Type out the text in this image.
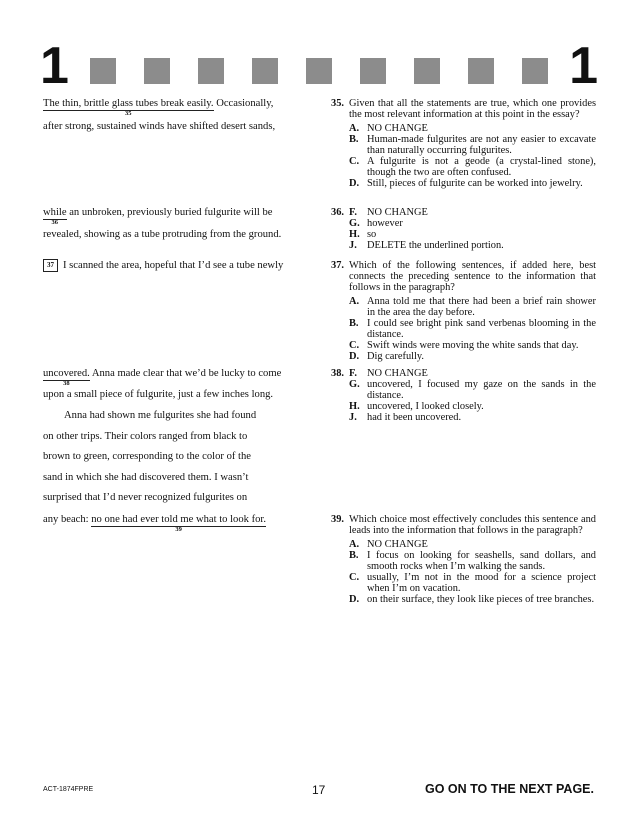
1	1
The thin, brittle glass tubes break easily.
35
Occasionally,
after strong, sustained winds have shifted desert sands,
while
36
an unbroken, previously buried fulgurite will be
revealed, showing as a tube protruding from the ground.
37 I scanned the area, hopeful that I’d see a tube newly
uncovered.
38
Anna made clear that we’d be lucky to come
upon a small piece of fulgurite, just a few inches long.
Anna had shown me fulgurites she had found
on other trips. Their colors ranged from black to
brown to green, corresponding to the color of the
sand in which she had discovered them. I wasn’t
surprised that I’d never recognized fulgurites on
any beach: no one had ever told me what to look for.
39
35. Given that all the statements are true, which one provides the most relevant information at this point in the essay?
A. NO CHANGE
B. Human-made fulgurites are not any easier to excavate than naturally occurring fulgurites.
C. A fulgurite is not a geode (a crystal-lined stone), though the two are often confused.
D. Still, pieces of fulgurite can be worked into jewelry.
36. F. NO CHANGE
G. however
H. so
J. DELETE the underlined portion.
37. Which of the following sentences, if added here, best connects the preceding sentence to the information that follows in the paragraph?
A. Anna told me that there had been a brief rain shower in the area the day before.
B. I could see bright pink sand verbenas blooming in the distance.
C. Swift winds were moving the white sands that day.
D. Dig carefully.
38. F. NO CHANGE
G. uncovered, I focused my gaze on the sands in the distance.
H. uncovered, I looked closely.
J. had it been uncovered.
39. Which choice most effectively concludes this sentence and leads into the information that follows in the paragraph?
A. NO CHANGE
B. I focus on looking for seashells, sand dollars, and smooth rocks when I’m walking the sands.
C. usually, I’m not in the mood for a science project when I’m on vacation.
D. on their surface, they look like pieces of tree branches.
ACT-1874FPRE	17	GO ON TO THE NEXT PAGE.
